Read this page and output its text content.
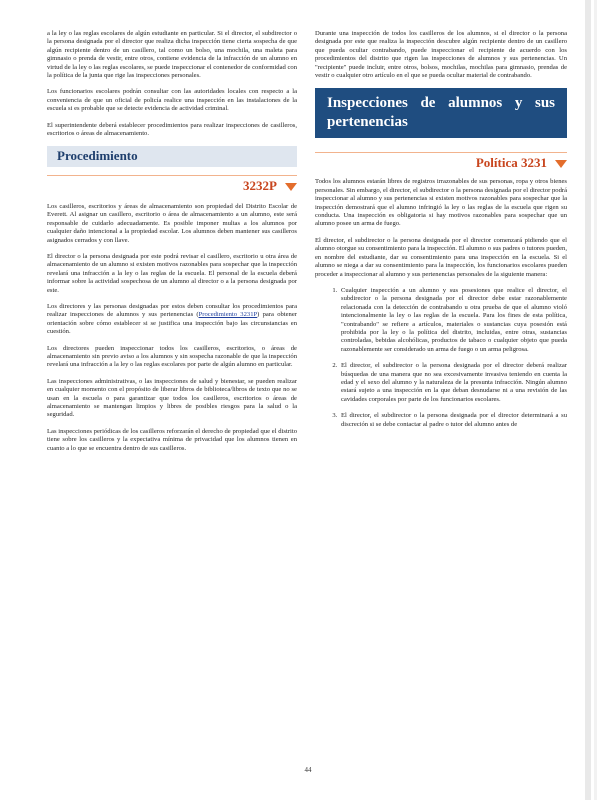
a la ley o las reglas escolares de algún estudiante en particular. Si el director, el subdirector o la persona designada por el director que realiza dicha inspección tiene cierta sospecha de que algún recipiente dentro de un casillero, tal como un bolso, una mochila, una maleta para gimnasio o prenda de vestir, entre otros, contiene evidencia de la infracción de un alumno en virtud de la ley o las reglas escolares, se puede inspeccionar el contenedor de conformidad con la política de la junta que rige las inspecciones personales.

Los funcionarios escolares podrán consultar con las autoridades locales con respecto a la conveniencia de que un oficial de policía realice una inspección en las instalaciones de la escuela si es probable que se detecte evidencia de actividad criminal.

El superintendente deberá establecer procedimientos para realizar inspecciones de casilleros, escritorios o áreas de almacenamiento.

Procedimiento
3232P

Los casilleros, escritorios y áreas de almacenamiento son propiedad del Distrito Escolar de Everett. Al asignar un casillero, escritorio o área de almacenamiento a un alumno, este será responsable de cuidarlo adecuadamente. Es posible imponer multas a los alumnos por cualquier daño intencional a la propiedad escolar. Los alumnos deben mantener sus casilleros asignados cerrados y con llave.

El director o la persona designada por este podrá revisar el casillero, escritorio u otra área de almacenamiento de un alumno si existen motivos razonables para sospechar que la inspección revelará una infracción a la ley o las reglas de la escuela. El personal de la escuela deberá informar sobre la actividad sospechosa de un alumno al director o a la persona designada por este.

Los directores y las personas designadas por estos deben consultar los procedimientos para realizar inspecciones de alumnos y sus pertenencias (Procedimiento 3231P) para obtener orientación sobre cómo establecer si se justifica una inspección bajo las circunstancias en cuestión.

Los directores pueden inspeccionar todos los casilleros, escritorios, o áreas de almacenamiento sin previo aviso a los alumnos y sin sospecha razonable de que la inspección revelará una infracción a la ley o las reglas escolares por parte de algún alumno en particular.

Las inspecciones administrativas, o las inspecciones de salud y bienestar, se pueden realizar en cualquier momento con el propósito de liberar libros de biblioteca/libros de texto que no se usan en la escuela o para garantizar que todos los casilleros, escritorios o áreas de almacenamiento se mantengan limpios y libres de posibles riesgos para la salud o la seguridad.

Las inspecciones periódicas de los casilleros reforzarán el derecho de propiedad que el distrito tiene sobre los casilleros y la expectativa mínima de privacidad que los alumnos tienen en cuanto a lo que se encuentra dentro de sus casilleros.

Durante una inspección de todos los casilleros de los alumnos, si el director o la persona designada por este que realiza la inspección descubre algún recipiente dentro de un casillero que pueda ocultar contrabando, puede inspeccionar el recipiente de acuerdo con los procedimientos del distrito que rigen las inspecciones de alumnos y sus pertenencias. Un "recipiente" puede incluir, entre otros, bolsos, mochilas, mochilas para gimnasio, prendas de vestir o cualquier otro artículo en el que se pueda ocultar material de contrabando.

Inspecciones de alumnos y sus pertenencias
Política 3231

Todos los alumnos estarán libres de registros irrazonables de sus personas, ropa y otros bienes personales. Sin embargo, el director, el subdirector o la persona designada por el director podrá inspeccionar al alumno y sus pertenencias si existen motivos razonables para sospechar que la inspección demostrará que el alumno infringió la ley o las reglas de la escuela que rigen su conducta. Una inspección es obligatoria si hay motivos razonables para sospechar que un alumno posee un arma de fuego.

El director, el subdirector o la persona designada por el director comenzará pidiendo que el alumno otorgue su consentimiento para la inspección. El alumno o sus padres o tutores pueden, en nombre del estudiante, dar su consentimiento para una inspección en la escuela. Si el alumno se niega a dar su consentimiento para la inspección, los funcionarios escolares pueden proceder a inspeccionar al alumno y sus pertenencias personales de la siguiente manera:

1. Cualquier inspección a un alumno y sus posesiones que realice el director, el subdirector o la persona designada por el director debe estar razonablemente relacionada con la detección de contrabando u otra prueba de que el alumno violó intencionalmente la ley o las reglas de la escuela. Para los fines de esta política, "contrabando" se refiere a artículos, materiales o sustancias cuya posesión está prohibida por la ley o la política del distrito, incluidas, entre otras, sustancias controladas, bebidas alcohólicas, productos de tabaco o cualquier objeto que pueda razonablemente ser considerado un arma de fuego o un arma peligrosa.
2. El director, el subdirector o la persona designada por el director deberá realizar búsquedas de una manera que no sea excesivamente invasiva teniendo en cuenta la edad y el sexo del alumno y la naturaleza de la presunta infracción. Ningún alumno estará sujeto a una inspección en la que deban desnudarse ni a una revisión de las cavidades corporales por parte de los funcionarios escolares.
3. El director, el subdirector o la persona designada por el director determinará a su discreción si se debe contactar al padre o tutor del alumno antes de
44
